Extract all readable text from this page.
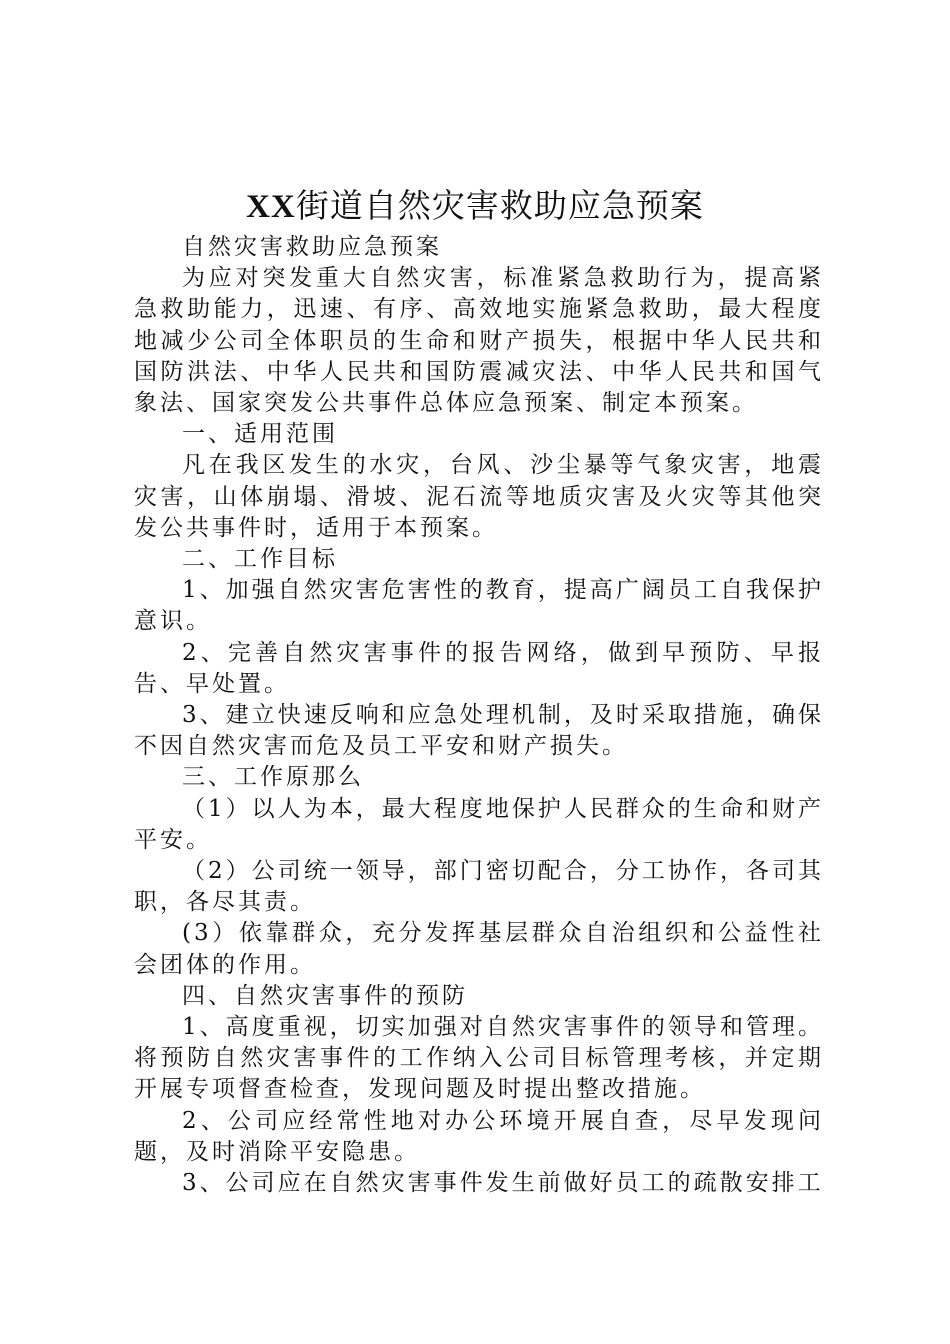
XX街道自然灾害救助应急预案

自然灾害救助应急预案

为应对突发重大自然灾害，标准紧急救助行为，提高紧急救助能力，迅速、有序、高效地实施紧急救助，最大程度地减少公司全体职员的生命和财产损失，根据中华人民共和国防洪法、中华人民共和国防震减灾法、中华人民共和国气象法、国家突发公共事件总体应急预案、制定本预案。

一、适用范围

凡在我区发生的水灾，台风、沙尘暴等气象灾害，地震灾害，山体崩塌、滑坡、泥石流等地质灾害及火灾等其他突发公共事件时，适用于本预案。

二、工作目标

1、加强自然灾害危害性的教育，提高广阔员工自我保护意识。

2、完善自然灾害事件的报告网络，做到早预防、早报告、早处置。

3、建立快速反响和应急处理机制，及时采取措施，确保不因自然灾害而危及员工平安和财产损失。

三、工作原那么

（1）以人为本，最大程度地保护人民群众的生命和财产平安。

（2）公司统一领导，部门密切配合，分工协作，各司其职，各尽其责。

(3）依靠群众，充分发挥基层群众自治组织和公益性社会团体的作用。

四、自然灾害事件的预防

1、高度重视，切实加强对自然灾害事件的领导和管理。将预防自然灾害事件的工作纳入公司目标管理考核，并定期开展专项督查检查，发现问题及时提出整改措施。

2、公司应经常性地对办公环境开展自查，尽早发现问题，及时消除平安隐患。

3、公司应在自然灾害事件发生前做好员工的疏散安排工
